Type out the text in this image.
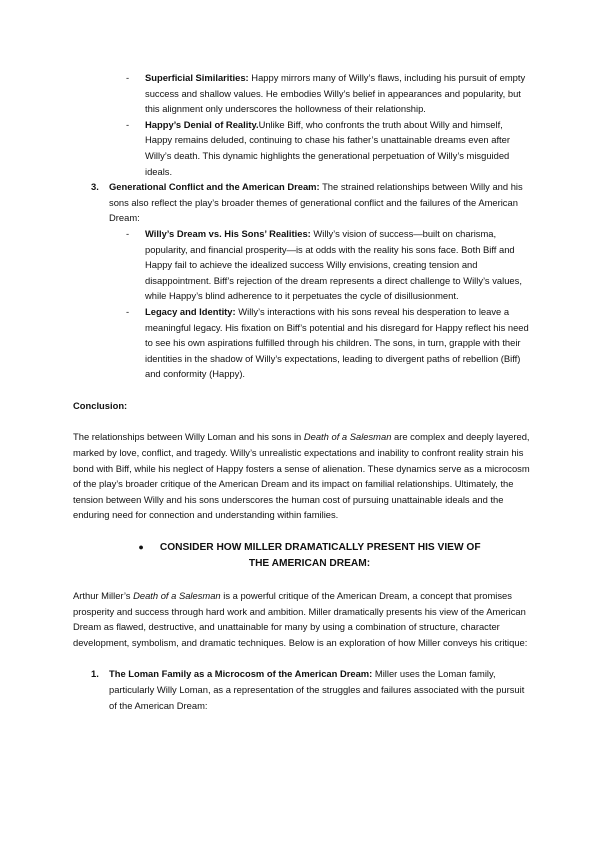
- Superficial Similarities: Happy mirrors many of Willy’s flaws, including his pursuit of empty success and shallow values. He embodies Willy’s belief in appearances and popularity, but this alignment only underscores the hollowness of their relationship.

- Happy’s Denial of Reality.Unlike Biff, who confronts the truth about Willy and himself, Happy remains deluded, continuing to chase his father’s unattainable dreams even after Willy’s death. This dynamic highlights the generational perpetuation of Willy’s misguided ideals.

3. Generational Conflict and the American Dream: The strained relationships between Willy and his sons also reflect the play’s broader themes of generational conflict and the failures of the American Dream:

- Willy’s Dream vs. His Sons’ Realities: Willy’s vision of success—built on charisma, popularity, and financial prosperity—is at odds with the reality his sons face. Both Biff and Happy fail to achieve the idealized success Willy envisions, creating tension and disappointment. Biff’s rejection of the dream represents a direct challenge to Willy’s values, while Happy’s blind adherence to it perpetuates the cycle of disillusionment.

- Legacy and Identity: Willy’s interactions with his sons reveal his desperation to leave a meaningful legacy. His fixation on Biff’s potential and his disregard for Happy reflect his need to see his own aspirations fulfilled through his children. The sons, in turn, grapple with their identities in the shadow of Willy’s expectations, leading to divergent paths of rebellion (Biff) and conformity (Happy).

Conclusion:

The relationships between Willy Loman and his sons in Death of a Salesman are complex and deeply layered, marked by love, conflict, and tragedy. Willy’s unrealistic expectations and inability to confront reality strain his bond with Biff, while his neglect of Happy fosters a sense of alienation. These dynamics serve as a microcosm of the play’s broader critique of the American Dream and its impact on familial relationships. Ultimately, the tension between Willy and his sons underscores the human cost of pursuing unattainable ideals and the enduring need for connection and understanding within families.

● CONSIDER HOW MILLER DRAMATICALLY PRESENT HIS VIEW OF THE AMERICAN DREAM:

Arthur Miller’s Death of a Salesman is a powerful critique of the American Dream, a concept that promises prosperity and success through hard work and ambition. Miller dramatically presents his view of the American Dream as flawed, destructive, and unattainable for many by using a combination of structure, character development, symbolism, and dramatic techniques. Below is an exploration of how Miller conveys his critique:

1. The Loman Family as a Microcosm of the American Dream: Miller uses the Loman family, particularly Willy Loman, as a representation of the struggles and failures associated with the pursuit of the American Dream:
